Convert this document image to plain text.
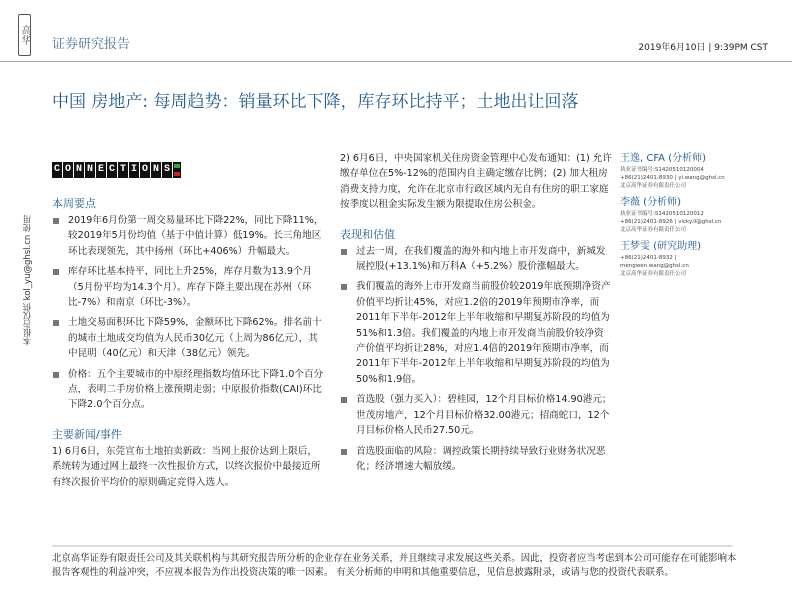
高华 证券研究报告	2019年6月10日 | 9:39PM CST
中国 房地产: 每周趋势：销量环比下降，库存环比持平；土地出让回落
C O N N E C T I O N S
本报告仅供 kol_yu@ghsl.cn 使用
本周要点
2019年6月份第一周交易量环比下降22%，同比下降11%，较2019年5月份均值（基于中值计算）低19%。长三角地区环比表现领先，其中扬州（环比+406%）升幅最大。
库存环比基本持平，同比上升25%，库存月数为13.9个月（5月份平均为14.3个月）。库存下降主要出现在苏州（环比-7%）和南京（环比-3%）。
土地交易面积环比下降59%，金额环比下降62%。排名前十的城市土地成交均值为人民币30亿元（上周为86亿元），其中昆明（40亿元）和天津（38亿元）领先。
价格：五个主要城市的中原经理指数均值环比下降1.0个百分点，表明二手房价格上涨预期走弱；中原报价指数(CAI)环比下降2.0个百分点。
主要新闻/事件

1) 6月6日，东莞宣布土地拍卖新政：当网上报价达到上限后，系统转为通过网上最终一次性报价方式，以终次报价中最接近所有终次报价平均价的原则确定竞得入选人。

2) 6月6日，中央国家机关住房资金管理中心发布通知：(1) 允许缴存单位在5%-12%的范围内自主确定缴存比例；(2) 加大租房消费支持力度，允许在北京市行政区域内无自有住房的职工家庭按季度以租金实际发生额为限提取住房公积金。

表现和估值
过去一周，在我们覆盖的海外和内地上市开发商中，新城发展控股(+13.1%)和万科A（+5.2%）股价涨幅最大。
我们覆盖的海外上市开发商当前股价较2019年底预期净资产价值平均折让45%，对应1.2倍的2019年预期市净率，而2011年下半年-2012年上半年收缩和早期复苏阶段的均值为51%和1.3倍。我们覆盖的内地上市开发商当前股价较净资产价值平均折让28%，对应1.4倍的2019年预期市净率，而2011年下半年-2012年上半年收缩和早期复苏阶段的均值为50%和1.9倍。
首选股（强力买入）：碧桂园，12个月目标价格14.90港元；世茂房地产，12个月目标价格32.00港元；招商蛇口，12个月目标价格人民币27.50元。
首选股面临的风险：调控政策长期持续导致行业财务状况恶化；经济增速大幅放缓。
王逸, CFA (分析师)
执业证书编号:S1420510120004
+86(21)2401-8930 | yi.wang@ghsl.cn
北京高华证券有限责任公司
李薇 (分析师)
执业证书编号:S1420510120012
+86(21)2401-8926 | vicky.li@ghsl.cn
北京高华证券有限责任公司
王梦雯 (研究助理)
+86(21)2401-8932 |
mengwen.wang@ghsl.cn
北京高华证券有限责任公司
北京高华证券有限责任公司及其关联机构与其研究报告所分析的企业存在业务关系，并且继续寻求发展这些关系。因此，投资者应当考虑到本公司可能存在可能影响本报告客观性的利益冲突，不应视本报告为作出投资决策的唯一因素。 有关分析师的申明和其他重要信息，见信息披露附录，或请与您的投资代表联系。
